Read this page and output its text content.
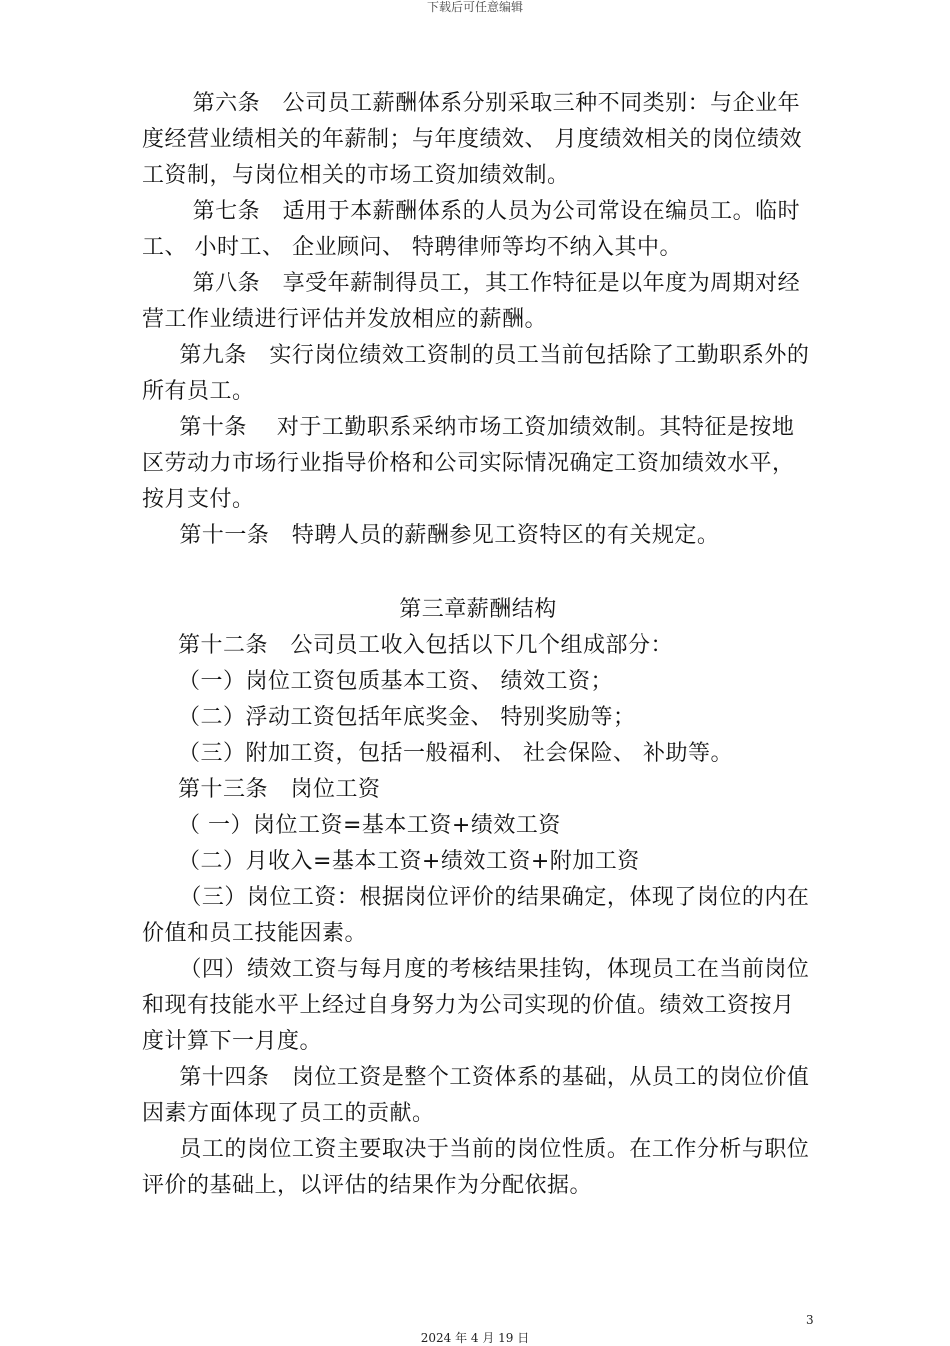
下载后可任意编辑

第六条　公司员工薪酬体系分别采取三种不同类别：与企业年度经营业绩相关的年薪制；与年度绩效、 月度绩效相关的岗位绩效工资制，与岗位相关的市场工资加绩效制。

第七条　适用于本薪酬体系的人员为公司常设在编员工。临时工、 小时工、 企业顾问、 特聘律师等均不纳入其中。

第八条　享受年薪制得员工，其工作特征是以年度为周期对经营工作业绩进行评估并发放相应的薪酬。

第九条　实行岗位绩效工资制的员工当前包括除了工勤职系外的所有员工。

第十条　 对于工勤职系采纳市场工资加绩效制。其特征是按地区劳动力市场行业指导价格和公司实际情况确定工资加绩效水平，按月支付。

第十一条　特聘人员的薪酬参见工资特区的有关规定。

第三章薪酬结构

第十二条　公司员工收入包括以下几个组成部分：

（一）岗位工资包质基本工资、 绩效工资；

（二）浮动工资包括年底奖金、 特别奖励等；

（三）附加工资，包括一般福利、 社会保险、 补助等。

第十三条　岗位工资

（ 一）岗位工资=基本工资+绩效工资

（二）月收入=基本工资+绩效工资+附加工资

（三）岗位工资：根据岗位评价的结果确定，体现了岗位的内在价值和员工技能因素。

（四）绩效工资与每月度的考核结果挂钩，体现员工在当前岗位和现有技能水平上经过自身努力为公司实现的价值。绩效工资按月度计算下一月度。

第十四条　岗位工资是整个工资体系的基础，从员工的岗位价值因素方面体现了员工的贡献。

员工的岗位工资主要取决于当前的岗位性质。在工作分析与职位评价的基础上，以评估的结果作为分配依据。

3
2024 年 4 月 19 日
